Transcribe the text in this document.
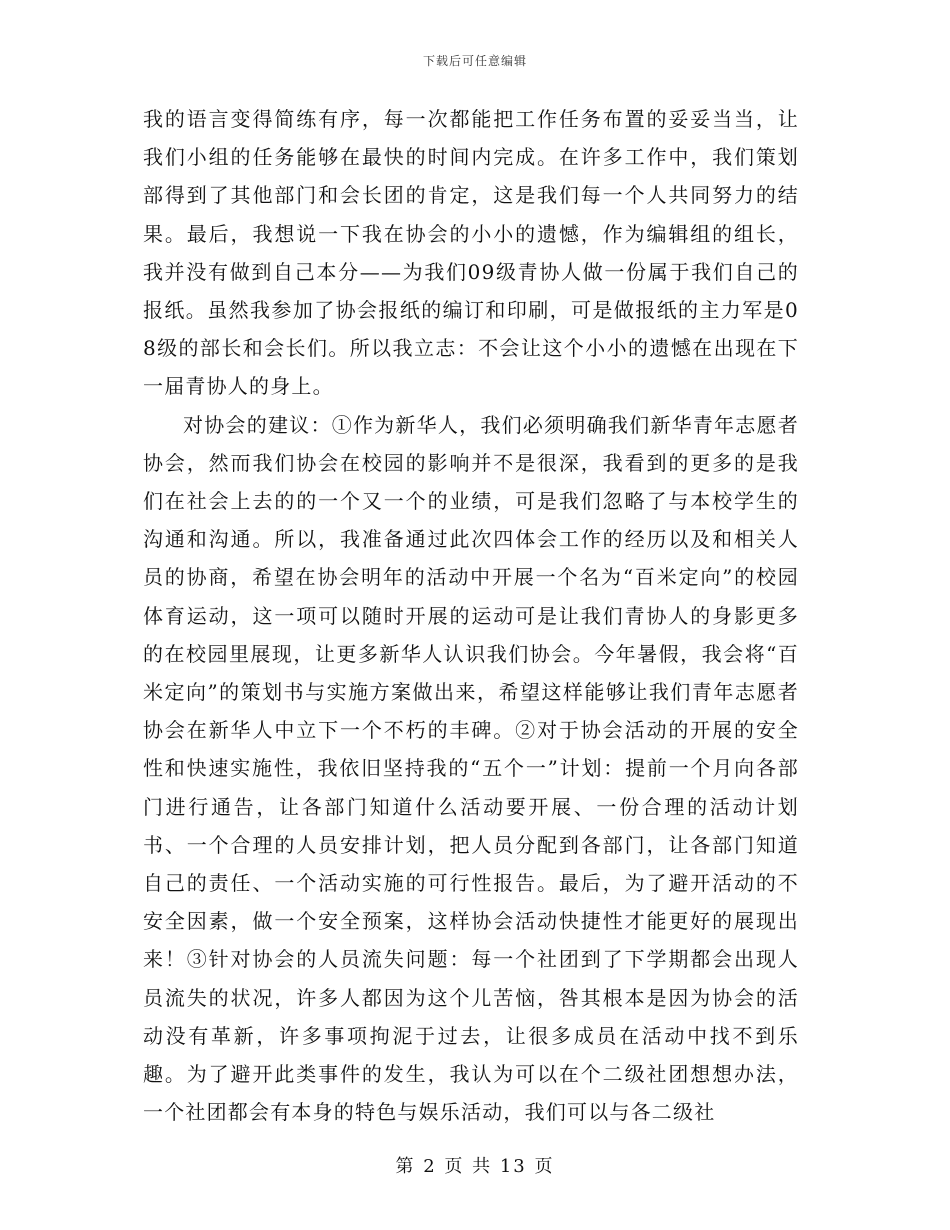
下载后可任意编辑

我的语言变得简练有序，每一次都能把工作任务布置的妥妥当当，让我们小组的任务能够在最快的时间内完成。在许多工作中，我们策划部得到了其他部门和会长团的肯定，这是我们每一个人共同努力的结果。最后，我想说一下我在协会的小小的遗憾，作为编辑组的组长，我并没有做到自己本分——为我们09级青协人做一份属于我们自己的报纸。虽然我参加了协会报纸的编订和印刷，可是做报纸的主力军是08级的部长和会长们。所以我立志：不会让这个小小的遗憾在出现在下一届青协人的身上。

对协会的建议：①作为新华人，我们必须明确我们新华青年志愿者协会，然而我们协会在校园的影响并不是很深，我看到的更多的是我们在社会上去的的一个又一个的业绩，可是我们忽略了与本校学生的沟通和沟通。所以，我准备通过此次四体会工作的经历以及和相关人员的协商，希望在协会明年的活动中开展一个名为“百米定向”的校园体育运动，这一项可以随时开展的运动可是让我们青协人的身影更多的在校园里展现，让更多新华人认识我们协会。今年暑假，我会将“百米定向”的策划书与实施方案做出来，希望这样能够让我们青年志愿者协会在新华人中立下一个不朽的丰碑。②对于协会活动的开展的安全性和快速实施性，我依旧坚持我的“五个一”计划：提前一个月向各部门进行通告，让各部门知道什么活动要开展、一份合理的活动计划书、一个合理的人员安排计划，把人员分配到各部门，让各部门知道自己的责任、一个活动实施的可行性报告。最后，为了避开活动的不安全因素，做一个安全预案，这样协会活动快捷性才能更好的展现出来！③针对协会的人员流失问题：每一个社团到了下学期都会出现人员流失的状况，许多人都因为这个儿苦恼，咎其根本是因为协会的活动没有革新，许多事项拘泥于过去，让很多成员在活动中找不到乐趣。为了避开此类事件的发生，我认为可以在个二级社团想想办法，一个社团都会有本身的特色与娱乐活动，我们可以与各二级社

第 2 页 共 13 页
